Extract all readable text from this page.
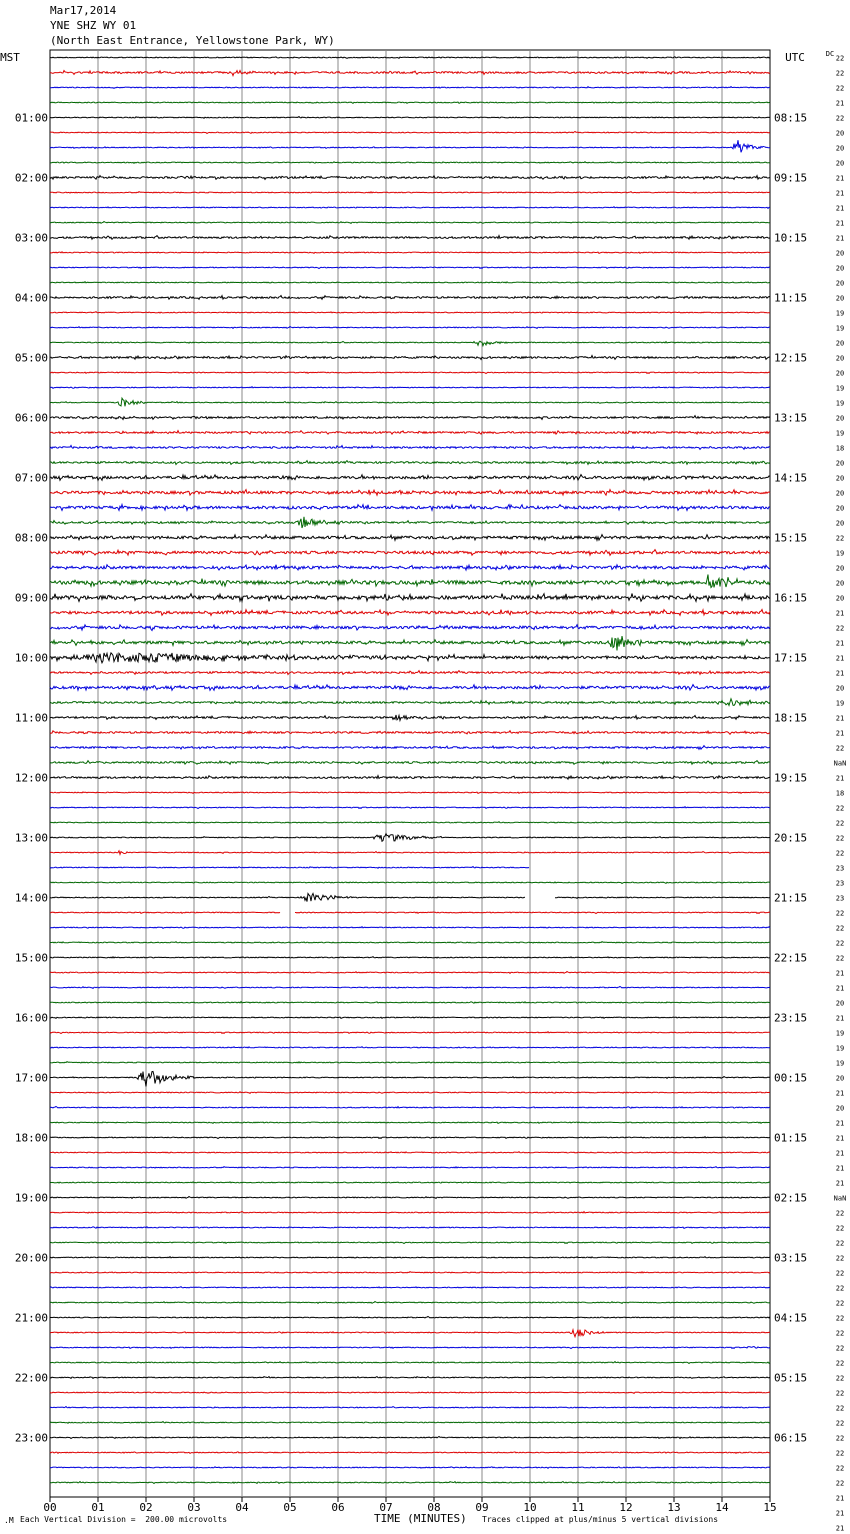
Mar17,2014
YNE SHZ WY 01
(North East Entrance, Yellowstone Park, WY)
MST	UTC	DC
01:00
02:00
03:00
04:00
05:00
06:00
07:00
08:00
09:00
10:00
11:00
12:00
13:00
14:00
15:00
16:00
17:00
18:00
19:00
20:00
21:00
22:00
23:00
08:15
09:15
10:15
11:15
12:15
13:15
14:15
15:15
16:15
17:15
18:15
19:15
20:15
21:15
22:15
23:15
00:15
01:15
02:15
03:15
04:15
05:15
06:15
22
22
22
21
22
20
20
20
21
21
21
21
21
20
20
20
20
19
19
20
20
20
19
19
20
19
18
20
20
20
20
20
22
19
20
20
20
21
22
21
21
21
20
19
21
21
22
NaN
21
18
22
22
22
22
23
23
23
22
22
22
22
21
21
20
21
19
19
19
20
21
20
21
21
21
21
21
NaN
22
22
22
22
22
22
22
22
22
22
22
22
22
22
22
22
22
22
22
21
21
21
00	01	02	03	04	05	06	07	08	09	10	11	12	13	14	15
.M Each Vertical Division =  200.00 microvolts	TIME (MINUTES) Traces clipped at plus/minus 5 vertical divisions
